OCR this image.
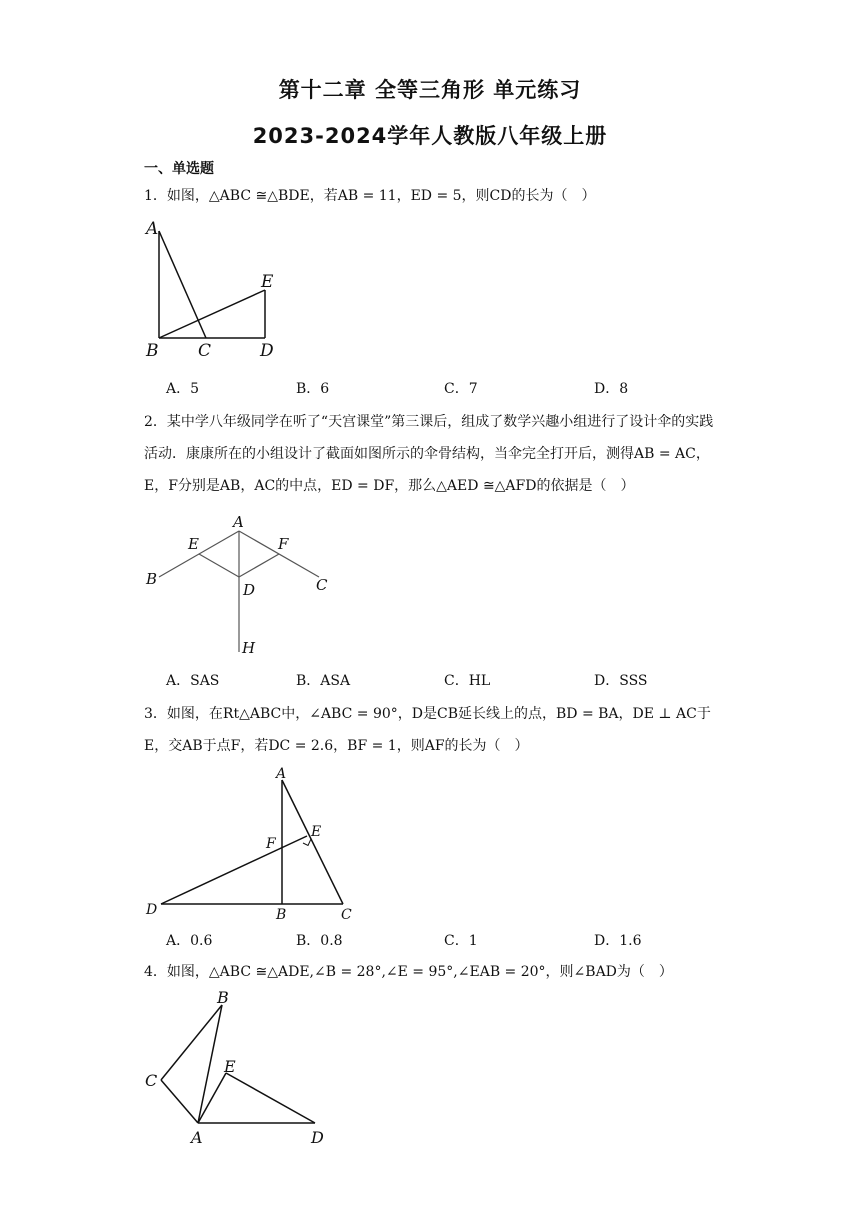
第十二章 全等三角形 单元练习
2023-2024学年人教版八年级上册
一、单选题
1．如图，△ABC ≅△BDE，若AB = 11，ED = 5，则CD的长为（　）
A
B C	D
E
A．5	B．6	C．7	D．8
2．某中学八年级同学在听了“天宫课堂”第三课后，组成了数学兴趣小组进行了设计伞的实践活动．康康所在的小组设计了截面如图所示的伞骨结构，当伞完全打开后，测得AB = AC，E，F分别是AB，AC的中点，ED = DF，那么△AED ≅△AFD的依据是（　）
A
B	C
D
E	F
H
A．SAS	B．ASA	C．HL	D．SSS
3．如图，在Rt△ABC中，∠ABC = 90°，D是CB延长线上的点，BD = BA，DE ⊥ AC于E，交AB于点F，若DC = 2.6，BF = 1，则AF的长为（　）
A
B	C
D
E
F
A．0.6	B．0.8	C．1	D．1.6
4．如图，△ABC ≅△ADE,∠B = 28°,∠E = 95°,∠EAB = 20°，则∠BAD为（　）
A
B
C
D
E
